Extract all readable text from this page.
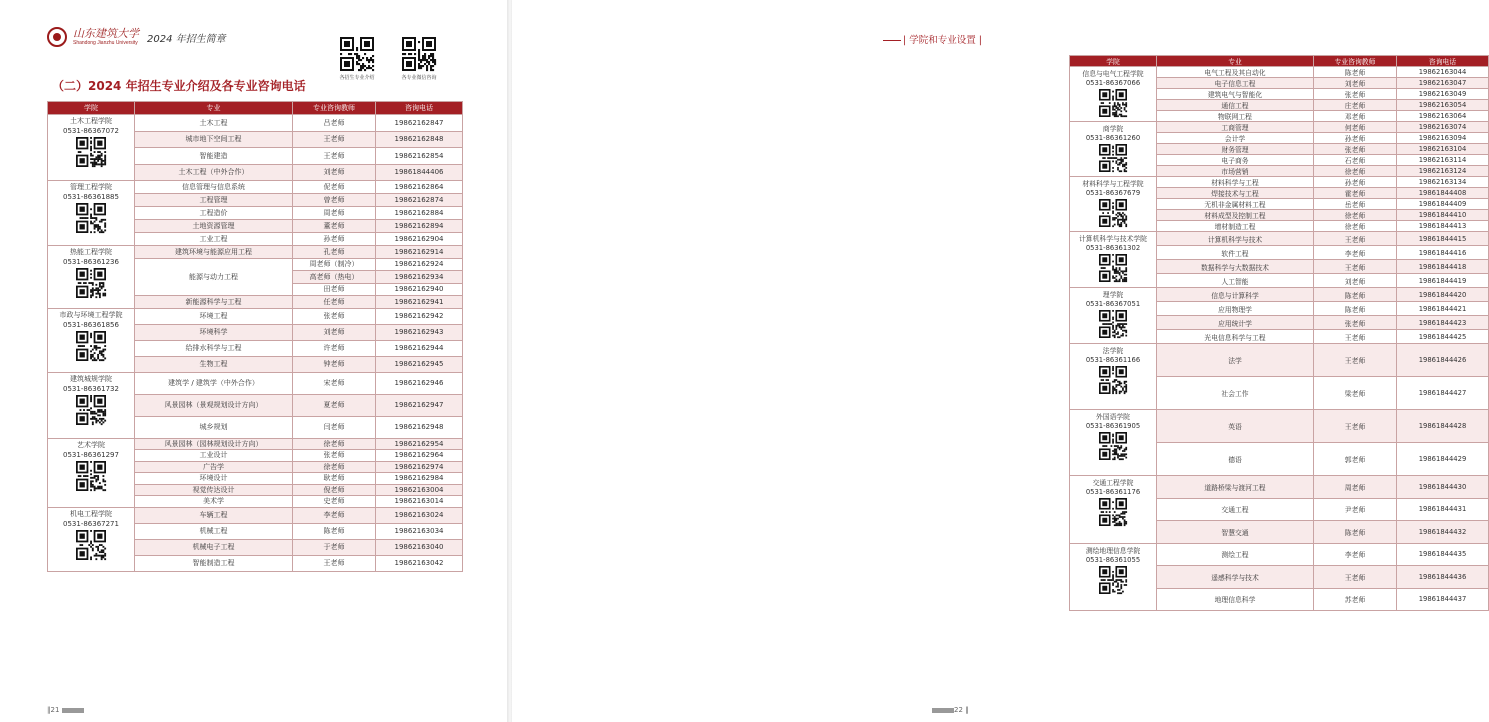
山东建筑大学
Shandong Jianzhu University 2024 年招生简章
各招生专业介绍	各专业微信咨询
（二）2024 年招生专业介绍及各专业咨询电话
学院	专业	专业咨询教师	咨询电话

土木工程学院
0531-86367072	土木工程	吕老师	19862162847
	城市地下空间工程	王老师	19862162848
	智能建造	王老师	19862162854
	土木工程（中外合作）	刘老师	19861844406

管理工程学院
0531-86361885	信息管理与信息系统	伲老师	19862162864
	工程管理	曾老师	19862162874
	工程造价	周老师	19862162884
	土地资源管理	董老师	19862162894
	工业工程	孙老师	19862162904

热能工程学院
0531-86361236	建筑环境与能源应用工程	孔老师	19862162914
	能源与动力工程	周老师（制冷）	19862162924
		高老师（热电）	19862162934
		田老师	19862162940
	新能源科学与工程	任老师	19862162941

市政与环境工程学院
0531-86361856	环境工程	张老师	19862162942
	环境科学	刘老师	19862162943
	给排水科学与工程	许老师	19862162944
	生物工程	钟老师	19862162945

建筑城规学院
0531-86361732	建筑学 / 建筑学（中外合作）	宋老师	19862162946
	风景园林（景观规划设计方向）	夏老师	19862162947
	城乡规划	闫老师	19862162948

艺术学院
0531-86361297	风景园林（园林规划设计方向）	徐老师	19862162954
	工业设计	张老师	19862162964
	广告学	徐老师	19862162974
	环境设计	耿老师	19862162984
	视觉传达设计	倪老师	19862163004
	美术学	史老师	19862163014

机电工程学院
0531-86367271	车辆工程	李老师	19862163024
	机械工程	陈老师	19862163034
	机械电子工程	于老师	19862163040
	智能制造工程	王老师	19862163042
‖21
| 学院和专业设置 |
学院	专业	专业咨询教师	咨询电话

信息与电气工程学院
0531-86367066	电气工程及其自动化	陈老师	19862163044
	电子信息工程	刘老师	19862163047
	建筑电气与智能化	张老师	19862163049
	通信工程	庄老师	19862163054
	物联网工程	邓老师	19862163064

商学院
0531-86361260	工商管理	何老师	19862163074
	会计学	孙老师	19862163094
	财务管理	张老师	19862163104
	电子商务	石老师	19862163114
	市场营销	徐老师	19862163124

材料科学与工程学院
0531-86367679	材料科学与工程	孙老师	19862163134
	焊接技术与工程	霍老师	19861844408
	无机非金属材料工程	岳老师	19861844409
	材料成型及控制工程	徐老师	19861844410
	增材制造工程	徐老师	19861844413

计算机科学与技术学院
0531-86361302	计算机科学与技术	王老师	19861844415
	软件工程	李老师	19861844416
	数据科学与大数据技术	王老师	19861844418
	人工智能	刘老师	19861844419

理学院
0531-86367051	信息与计算科学	陈老师	19861844420
	应用物理学	陈老师	19861844421
	应用统计学	张老师	19861844423
	光电信息科学与工程	王老师	19861844425

法学院
0531-86361166	法学	王老师	19861844426
	社会工作	梁老师	19861844427

外国语学院
0531-86361905	英语	王老师	19861844428
	德语	郭老师	19861844429

交通工程学院
0531-86361176	道路桥梁与渡河工程	周老师	19861844430
	交通工程	尹老师	19861844431
	智慧交通	陈老师	19861844432

测绘地理信息学院
0531-86361055	测绘工程	李老师	19861844435
	遥感科学与技术	王老师	19861844436
	地理信息科学	苏老师	19861844437
22 ‖
